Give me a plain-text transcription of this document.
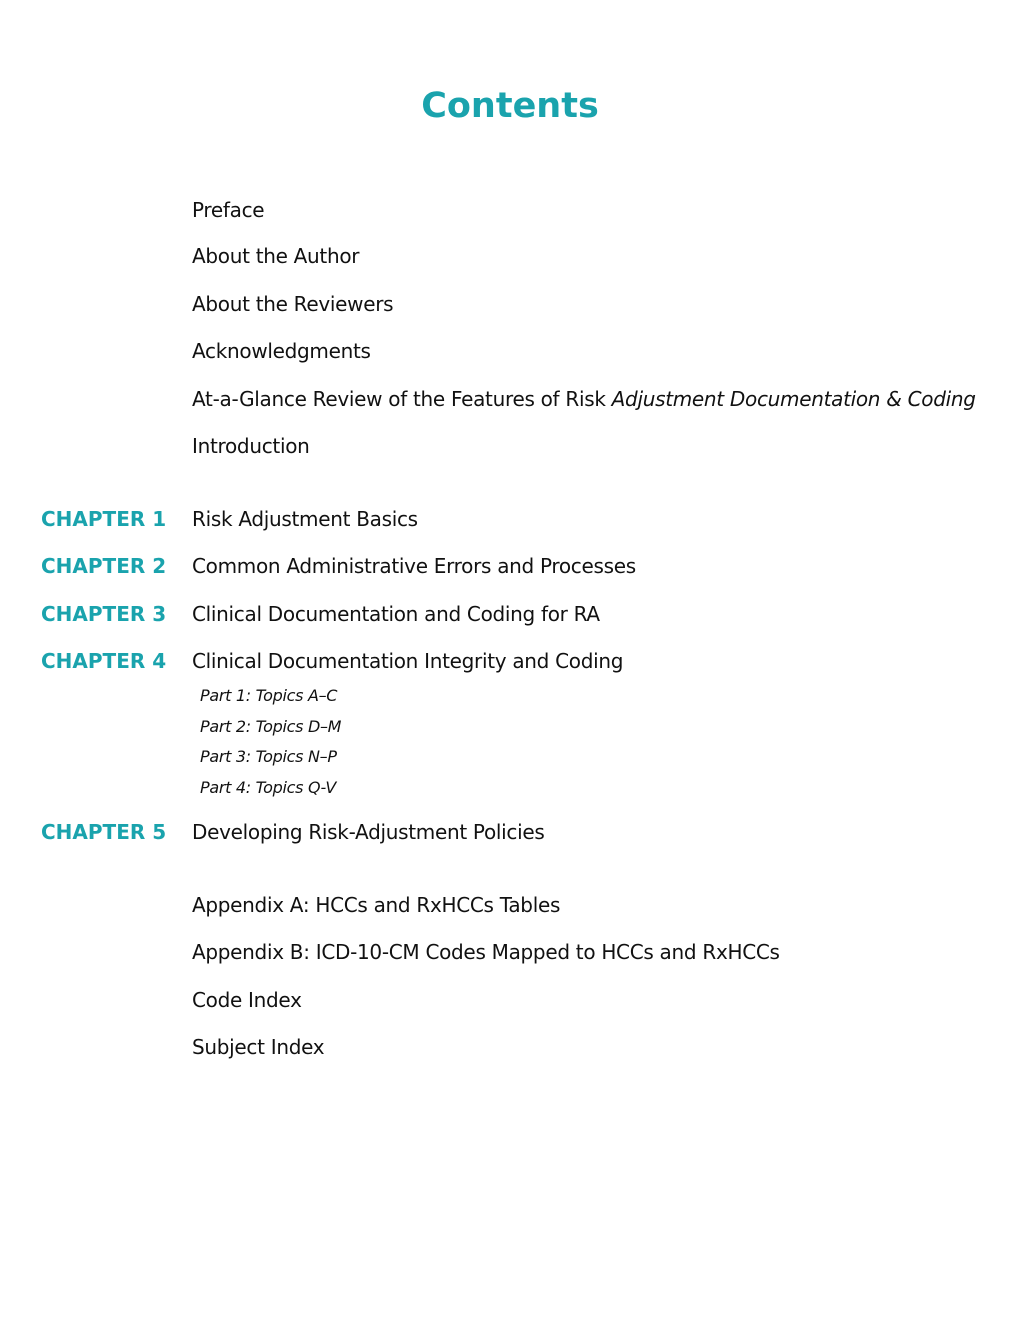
Contents
Preface
About the Author
About the Reviewers
Acknowledgments
At-a-Glance Review of the Features of Risk Adjustment Documentation & Coding
Introduction
CHAPTER 1 Risk Adjustment Basics
CHAPTER 2 Common Administrative Errors and Processes
CHAPTER 3 Clinical Documentation and Coding for RA
CHAPTER 4 Clinical Documentation Integrity and Coding
Part 1: Topics A–C
Part 2: Topics D–M
Part 3: Topics N–P
Part 4: Topics Q-V
CHAPTER 5 Developing Risk-Adjustment Policies
Appendix A: HCCs and RxHCCs Tables
Appendix B: ICD-10-CM Codes Mapped to HCCs and RxHCCs
Code Index
Subject Index
